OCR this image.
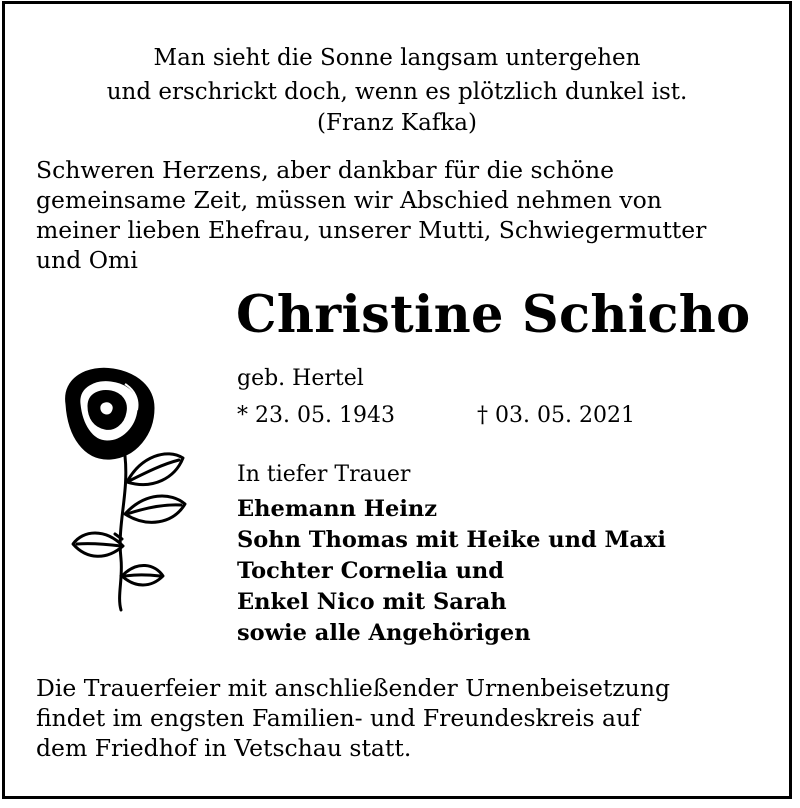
Man sieht die Sonne langsam untergehen
und erschrickt doch, wenn es plötzlich dunkel ist.
(Franz Kafka)
Schweren Herzens, aber dankbar für die schöne
gemeinsame Zeit, müssen wir Abschied nehmen von
meiner lieben Ehefrau, unserer Mutti, Schwiegermutter
und Omi
Christine Schicho
geb. Hertel
* 23. 05. 1943	† 03. 05. 2021
In tiefer Trauer
Ehemann Heinz
Sohn Thomas mit Heike und Maxi
Tochter Cornelia und
Enkel Nico mit Sarah
sowie alle Angehörigen
Die Trauerfeier mit anschließender Urnenbeisetzung
findet im engsten Familien- und Freundeskreis auf
dem Friedhof in Vetschau statt.
